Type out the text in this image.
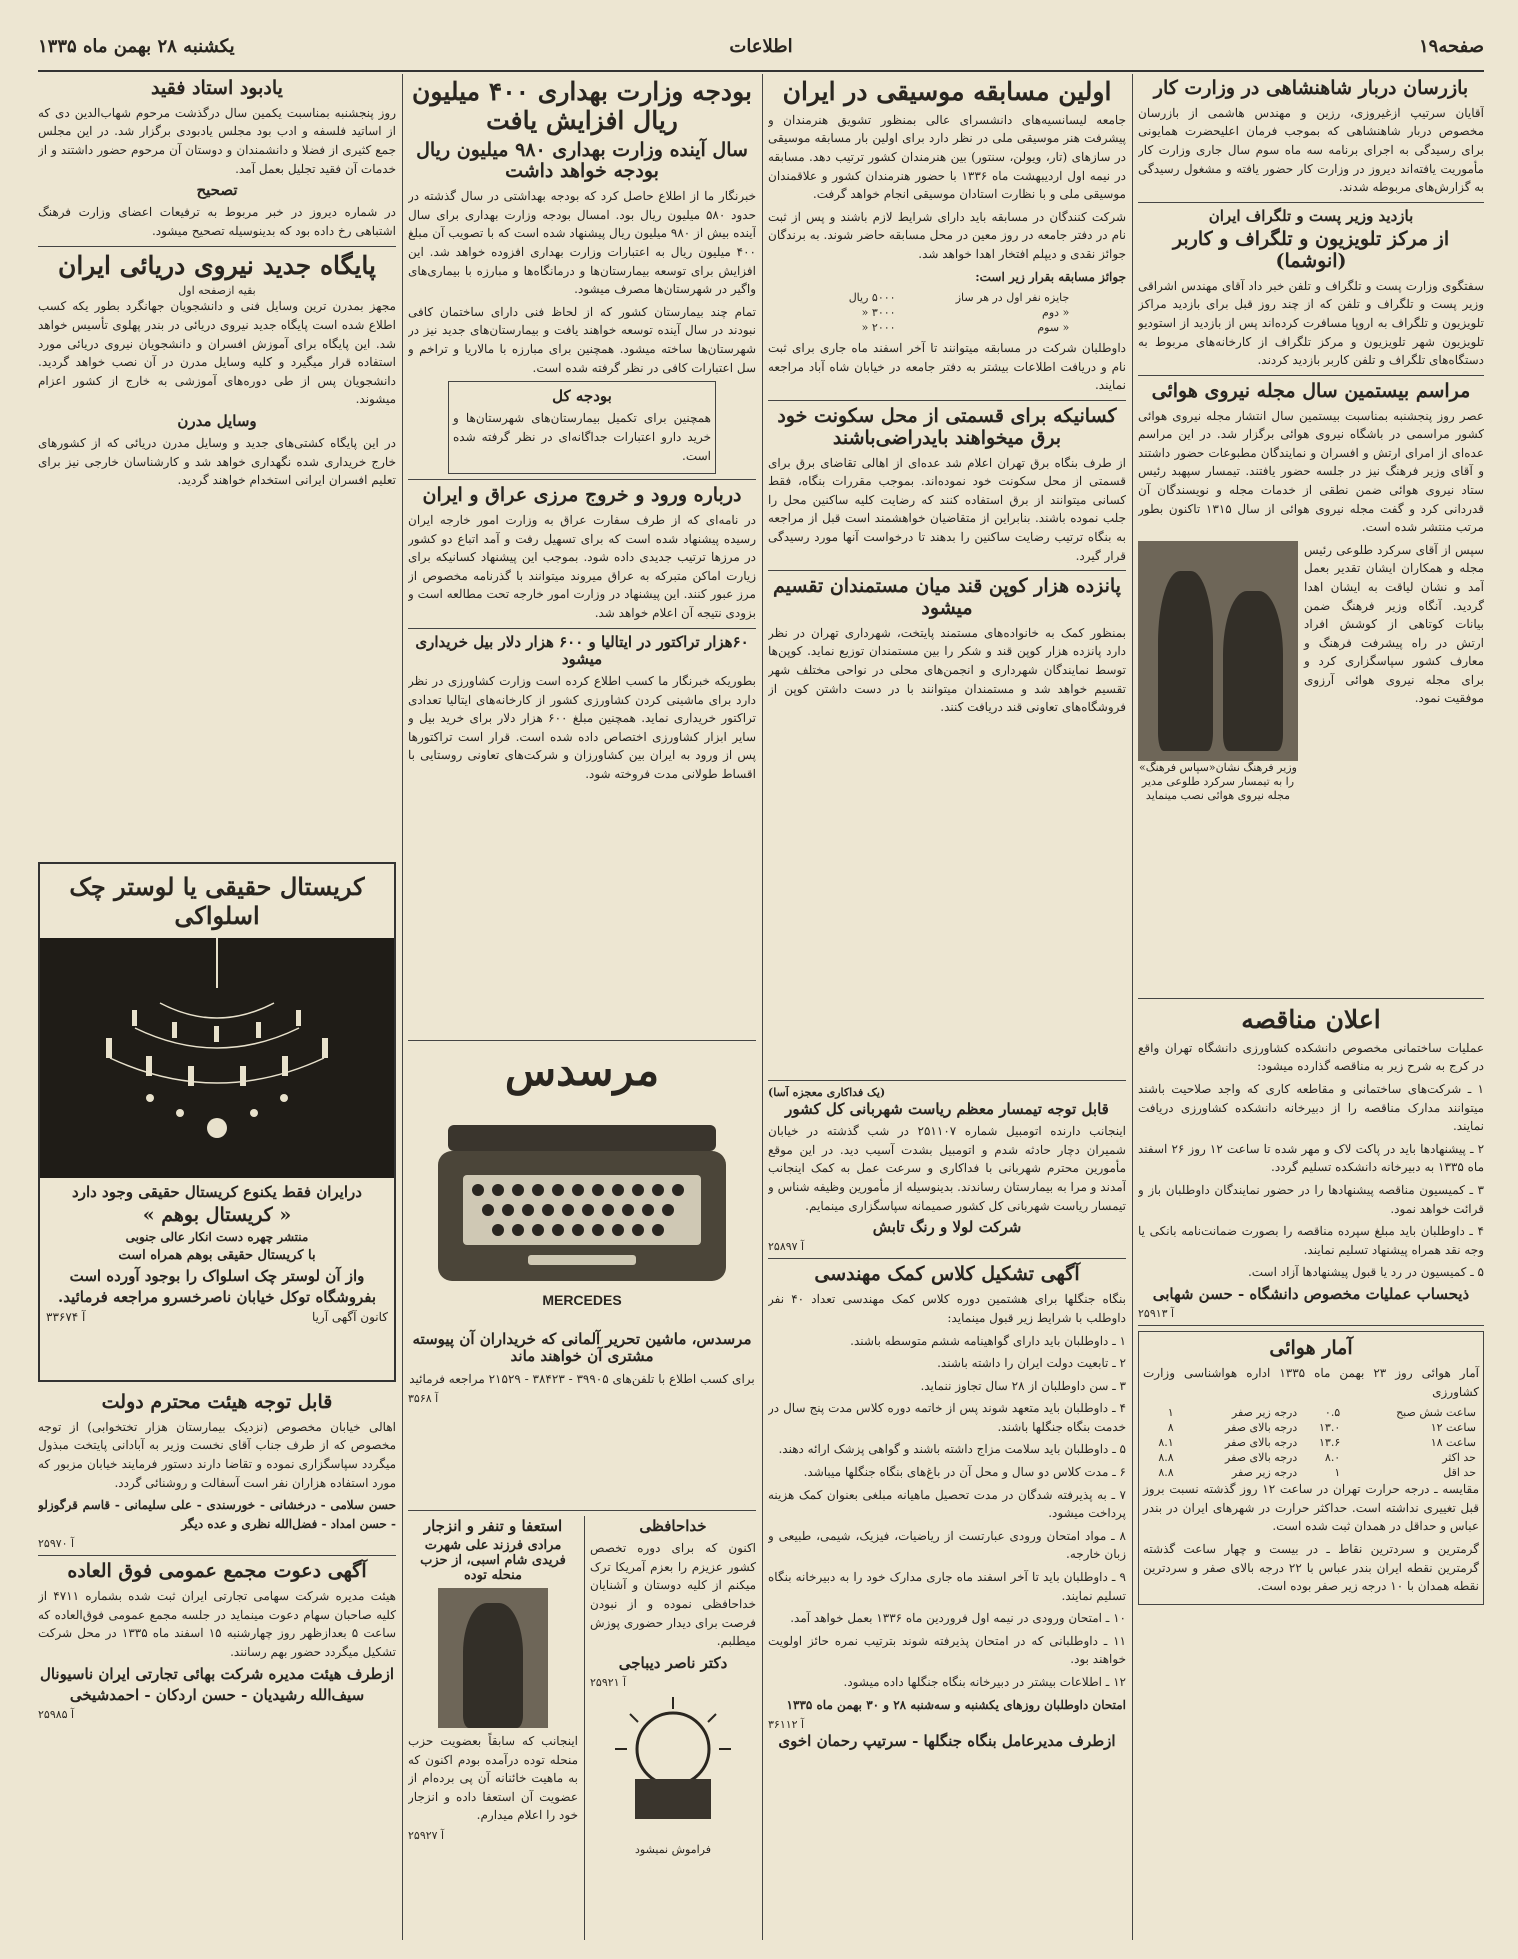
صفحه۱۹
اطلاعات
یکشنبه ۲۸ بهمن ماه ۱۳۳۵
بازرسان دربار شاهنشاهی در وزارت کار

آقایان سرتیپ ازغیروزی، رزین و مهندس هاشمی از بازرسان مخصوص دربار شاهنشاهی که بموجب فرمان اعلیحضرت همایونی برای رسیدگی به اجرای برنامه سه ماه سوم سال جاری وزارت کار مأموریت یافته‌اند دیروز در وزارت کار حضور یافته و مشغول رسیدگی به گزارش‌های مربوطه شدند.

بازدید وزیر پست و تلگراف ایران
از مرکز تلویزیون و تلگراف و کاربر (انوشما)

سفتگوی وزارت پست و تلگراف و تلفن خبر داد آقای مهندس اشراقی وزیر پست و تلگراف و تلفن که از چند روز قبل برای بازدید مراکز تلویزیون و تلگراف به اروپا مسافرت کرده‌اند پس از بازدید از استودیو تلویزیون شهر تلویزیون و مرکز تلگراف از کارخانه‌های مربوط به دستگاه‌های تلگراف و تلفن کاربر بازدید کردند.

مراسم بیستمین سال مجله نیروی هوائی

عصر روز پنجشنبه بمناسبت بیستمین سال انتشار مجله نیروی هوائی کشور مراسمی در باشگاه نیروی هوائی برگزار شد. در این مراسم عده‌ای از امرای ارتش و افسران و نمایندگان مطبوعات حضور داشتند و آقای وزیر فرهنگ نیز در جلسه حضور یافتند. تیمسار سپهبد رئیس ستاد نیروی هوائی ضمن نطقی از خدمات مجله و نویسندگان آن قدردانی کرد و گفت مجله نیروی هوائی از سال ۱۳۱۵ تاکنون بطور مرتب منتشر شده است.

سپس از آقای سرکرد طلوعی رئیس مجله و همکاران ایشان تقدیر بعمل آمد و نشان لیاقت به ایشان اهدا گردید. آنگاه وزیر فرهنگ ضمن بیانات کوتاهی از کوشش افراد ارتش در راه پیشرفت فرهنگ و معارف کشور سپاسگزاری کرد و برای مجله نیروی هوائی آرزوی موفقیت نمود.

وزیر فرهنگ نشان«سپاس فرهنگ» را به تیمسار سرکرد طلوعی مدیر مجله نیروی هوائی نصب مینماید
اعلان مناقصه

عملیات ساختمانی مخصوص دانشکده کشاورزی دانشگاه تهران واقع در کرج به شرح زیر به مناقصه گذارده میشود:

۱ ـ شرکت‌های ساختمانی و مقاطعه کاری که واجد صلاحیت باشند میتوانند مدارک مناقصه را از دبیرخانه دانشکده کشاورزی دریافت نمایند.

۲ ـ پیشنهادها باید در پاکت لاک و مهر شده تا ساعت ۱۲ روز ۲۶ اسفند ماه ۱۳۳۵ به دبیرخانه دانشکده تسلیم گردد.

۳ ـ کمیسیون مناقصه پیشنهادها را در حضور نمایندگان داوطلبان باز و قرائت خواهد نمود.

۴ ـ داوطلبان باید مبلغ سپرده مناقصه را بصورت ضمانت‌نامه بانکی یا وجه نقد همراه پیشنهاد تسلیم نمایند.

۵ ـ کمیسیون در رد یا قبول پیشنهادها آزاد است.

ذیحساب عملیات مخصوص دانشگاه - حسن شهابی
آ ۲۵۹۱۳
آمار هوائی

آمار هوائی روز ۲۳ بهمن ماه ۱۳۳۵ اداره هواشناسی وزارت کشاورزی

ساعت شش صبح	۰.۵	درجه زیر صفر	۱
ساعت ۱۲	۱۳.۰	درجه بالای صفر	۸
ساعت ۱۸	۱۳.۶	درجه بالای صفر	۸.۱
حد اکثر	۸.۰	درجه بالای صفر	۸.۸
حد اقل	۱	درجه زیر صفر	۸.۸

مقایسه ـ درجه حرارت تهران در ساعت ۱۲ روز گذشته نسبت بروز قبل تغییری نداشته است. حداکثر حرارت در شهرهای ایران در بندر عباس و حداقل در همدان ثبت شده است.

گرمترین و سردترین نقاط ـ در بیست و چهار ساعت گذشته گرمترین نقطه ایران بندر عباس با ۲۲ درجه بالای صفر و سردترین نقطه همدان با ۱۰ درجه زیر صفر بوده است.

اولین مسابقه موسیقی در ایران

جامعه لیسانسیه‌های دانشسرای عالی بمنظور تشویق هنرمندان و پیشرفت هنر موسیقی ملی در نظر دارد برای اولین بار مسابقه موسیقی در سازهای (تار، ویولن، سنتور) بین هنرمندان کشور ترتیب دهد. مسابقه در نیمه اول اردیبهشت ماه ۱۳۳۶ با حضور هنرمندان کشور و علاقمندان موسیقی ملی و با نظارت استادان موسیقی انجام خواهد گرفت.

شرکت کنندگان در مسابقه باید دارای شرایط لازم باشند و پس از ثبت نام در دفتر جامعه در روز معین در محل مسابقه حاضر شوند. به برندگان جوائز نقدی و دیپلم افتخار اهدا خواهد شد.

جوائز مسابقه بقرار زیر است:

جایزه نفر اول در هر ساز	۵۰۰۰ ریال
« دوم	۳۰۰۰ «
« سوم	۲۰۰۰ «

داوطلبان شرکت در مسابقه میتوانند تا آخر اسفند ماه جاری برای ثبت نام و دریافت اطلاعات بیشتر به دفتر جامعه در خیابان شاه آباد مراجعه نمایند.

کسانیکه برای قسمتی از محل سکونت خود برق میخواهند بایدراضی‌باشند

از طرف بنگاه برق تهران اعلام شد عده‌ای از اهالی تقاضای برق برای قسمتی از محل سکونت خود نموده‌اند. بموجب مقررات بنگاه، فقط کسانی میتوانند از برق استفاده کنند که رضایت کلیه ساکنین محل را جلب نموده باشند. بنابراین از متقاضیان خواهشمند است قبل از مراجعه به بنگاه ترتیب رضایت ساکنین را بدهند تا درخواست آنها مورد رسیدگی قرار گیرد.

پانزده هزار کوپن قند میان مستمندان تقسیم میشود

بمنظور کمک به خانواده‌های مستمند پایتخت، شهرداری تهران در نظر دارد پانزده هزار کوپن قند و شکر را بین مستمندان توزیع نماید. کوپن‌ها توسط نمایندگان شهرداری و انجمن‌های محلی در نواحی مختلف شهر تقسیم خواهد شد و مستمندان میتوانند با در دست داشتن کوپن از فروشگاه‌های تعاونی قند دریافت کنند.

(یک فداکاری معجزه آسا)
قابل توجه تیمسار معظم ریاست شهربانی کل کشور

اینجانب دارنده اتومبیل شماره ۲۵۱۱۰۷ در شب گذشته در خیابان شمیران دچار حادثه شدم و اتومبیل بشدت آسیب دید. در این موقع مأمورین محترم شهربانی با فداکاری و سرعت عمل به کمک اینجانب آمدند و مرا به بیمارستان رساندند. بدینوسیله از مأمورین وظیفه شناس و تیمسار ریاست شهربانی کل کشور صمیمانه سپاسگزاری مینمایم.

شرکت لولا و رنگ تابش
آ ۲۵۸۹۷
آگهی تشکیل کلاس کمک مهندسی

بنگاه جنگلها برای هشتمین دوره کلاس کمک مهندسی تعداد ۴۰ نفر داوطلب با شرایط زیر قبول مینماید:

۱ ـ داوطلبان باید دارای گواهینامه ششم متوسطه باشند.

۲ ـ تابعیت دولت ایران را داشته باشند.

۳ ـ سن داوطلبان از ۲۸ سال تجاوز ننماید.

۴ ـ داوطلبان باید متعهد شوند پس از خاتمه دوره کلاس مدت پنج سال در خدمت بنگاه جنگلها باشند.

۵ ـ داوطلبان باید سلامت مزاج داشته باشند و گواهی پزشک ارائه دهند.

۶ ـ مدت کلاس دو سال و محل آن در باغ‌های بنگاه جنگلها میباشد.

۷ ـ به پذیرفته شدگان در مدت تحصیل ماهیانه مبلغی بعنوان کمک هزینه پرداخت میشود.

۸ ـ مواد امتحان ورودی عبارتست از ریاضیات، فیزیک، شیمی، طبیعی و زبان خارجه.

۹ ـ داوطلبان باید تا آخر اسفند ماه جاری مدارک خود را به دبیرخانه بنگاه تسلیم نمایند.

۱۰ ـ امتحان ورودی در نیمه اول فروردین ماه ۱۳۳۶ بعمل خواهد آمد.

۱۱ ـ داوطلبانی که در امتحان پذیرفته شوند بترتیب نمره حائز اولویت خواهند بود.

۱۲ ـ اطلاعات بیشتر در دبیرخانه بنگاه جنگلها داده میشود.

امتحان داوطلبان روزهای یکشنبه و سه‌شنبه ۲۸ و ۳۰ بهمن ماه ۱۳۳۵

آ ۳۶۱۱۲
ازطرف مدیرعامل بنگاه جنگلها - سرتیپ رحمان اخوی
بودجه وزارت بهداری ۴۰۰ میلیون ریال افزایش یافت
سال آینده وزارت بهداری ۹۸۰ میلیون ریال بودجه خواهد داشت

خبرنگار ما از اطلاع حاصل کرد که بودجه بهداشتی در سال گذشته در حدود ۵۸۰ میلیون ریال بود. امسال بودجه وزارت بهداری برای سال آینده بیش از ۹۸۰ میلیون ریال پیشنهاد شده است که با تصویب آن مبلغ ۴۰۰ میلیون ریال به اعتبارات وزارت بهداری افزوده خواهد شد. این افزایش برای توسعه بیمارستان‌ها و درمانگاه‌ها و مبارزه با بیماری‌های واگیر در شهرستان‌ها مصرف میشود.

تمام چند بیمارستان کشور که از لحاظ فنی دارای ساختمان کافی نبودند در سال آینده توسعه خواهند یافت و بیمارستان‌های جدید نیز در شهرستان‌ها ساخته میشود. همچنین برای مبارزه با مالاریا و تراخم و سل اعتبارات کافی در نظر گرفته شده است.

بودجه کل

همچنین برای تکمیل بیمارستان‌های شهرستان‌ها و خرید دارو اعتبارات جداگانه‌ای در نظر گرفته شده است.

درباره ورود و خروج مرزی عراق و ایران

در نامه‌ای که از طرف سفارت عراق به وزارت امور خارجه ایران رسیده پیشنهاد شده است که برای تسهیل رفت و آمد اتباع دو کشور در مرزها ترتیب جدیدی داده شود. بموجب این پیشنهاد کسانیکه برای زیارت اماکن متبرکه به عراق میروند میتوانند با گذرنامه مخصوص از مرز عبور کنند. این پیشنهاد در وزارت امور خارجه تحت مطالعه است و بزودی نتیجه آن اعلام خواهد شد.

۶۰هزار تراکتور در ایتالیا و ۶۰۰ هزار دلار بیل خریداری میشود

بطوریکه خبرنگار ما کسب اطلاع کرده است وزارت کشاورزی در نظر دارد برای ماشینی کردن کشاورزی کشور از کارخانه‌های ایتالیا تعدادی تراکتور خریداری نماید. همچنین مبلغ ۶۰۰ هزار دلار برای خرید بیل و سایر ابزار کشاورزی اختصاص داده شده است. قرار است تراکتورها پس از ورود به ایران بین کشاورزان و شرکت‌های تعاونی روستایی با اقساط طولانی مدت فروخته شود.

مرسدس
MERCEDES
مرسدس، ماشین تحریر آلمانی که خریداران آن پیوسته مشتری آن خواهند ماند

برای کسب اطلاع با تلفن‌های ۳۹۹۰۵ - ۳۸۴۲۳ - ۲۱۵۲۹ مراجعه فرمائید

آ ۳۵۶۸
خداحافظی

اکنون که برای دوره تخصص کشور عزیزم را بعزم آمریکا ترک میکنم از کلیه دوستان و آشنایان خداحافظی نموده و از نبودن فرصت برای دیدار حضوری پوزش میطلبم.

دکتر ناصر دیباجی
آ ۲۵۹۲۱
فراموش نمیشود
استعفا و تنفر و انزجار
مرادی فرزند علی شهرت فریدی شام اسبی، از حزب منحله توده

اینجانب که سابقاً بعضویت حزب منحله توده درآمده بودم اکنون که به ماهیت خائنانه آن پی برده‌ام از عضویت آن استعفا داده و انزجار خود را اعلام میدارم.

آ ۲۵۹۲۷
یادبود استاد فقید

روز پنجشنبه بمناسبت یکمین سال درگذشت مرحوم شهاب‌الدین دی که از اساتید فلسفه و ادب بود مجلس یادبودی برگزار شد. در این مجلس جمع کثیری از فضلا و دانشمندان و دوستان آن مرحوم حضور داشتند و از خدمات آن فقید تجلیل بعمل آمد.

تصحیح

در شماره دیروز در خبر مربوط به ترفیعات اعضای وزارت فرهنگ اشتباهی رخ داده بود که بدینوسیله تصحیح میشود.

پایگاه جدید نیروی دریائی ایران
بقیه ازصفحه اول

مجهز بمدرن ترین وسایل فنی و دانشجویان جهانگرد بطور یکه کسب اطلاع شده است پایگاه جدید نیروی دریائی در بندر پهلوی تأسیس خواهد شد. این پایگاه برای آموزش افسران و دانشجویان نیروی دریائی مورد استفاده قرار میگیرد و کلیه وسایل مدرن در آن نصب خواهد گردید. دانشجویان پس از طی دوره‌های آموزشی به خارج از کشور اعزام میشوند.

وسایل مدرن

در این پایگاه کشتی‌های جدید و وسایل مدرن دریائی که از کشورهای خارج خریداری شده نگهداری خواهد شد و کارشناسان خارجی نیز برای تعلیم افسران ایرانی استخدام خواهند گردید.

کریستال حقیقی یا لوستر چک اسلواکی
درایران فقط یکنوع کریستال حقیقی وجود دارد
« کریستال بوهم »
منتشر چهره دست انکار عالی جنوبی
با کریستال حقیقی بوهم همراه است
واز آن لوستر چک اسلواک را بوجود آورده است
بفروشگاه توکل خیابان ناصرخسرو مراجعه فرمائید.
کانون آگهی آریا
آ ۳۳۶۷۴
قابل توجه هیئت محترم دولت

اهالی خیابان مخصوص (نزدیک بیمارستان هزار تختخوابی) از توجه مخصوص که از طرف جناب آقای نخست وزیر به آبادانی پایتخت مبذول میگردد سپاسگزاری نموده و تقاضا دارند دستور فرمایند خیابان مزبور که مورد استفاده هزاران نفر است آسفالت و روشنائی گردد.

حسن سلامی - درخشانی - خورسندی - علی سلیمانی - قاسم قرگوزلو - حسن امداد - فضل‌الله نظری و عده دیگر

آ ۲۵۹۷۰
آگهی دعوت مجمع عمومی فوق العاده

هیئت مدیره شرکت سهامی تجارتی ایران ثبت شده بشماره ۴۷۱۱ از کلیه صاحبان سهام دعوت مینماید در جلسه مجمع عمومی فوق‌العاده که ساعت ۵ بعدازظهر روز چهارشنبه ۱۵ اسفند ماه ۱۳۳۵ در محل شرکت تشکیل میگردد حضور بهم رسانند.

ازطرف هیئت مدیره شرکت بهائی تجارتی ایران ناسیونال
سیف‌الله رشیدیان - حسن اردکان - احمدشیخی
آ ۲۵۹۸۵
